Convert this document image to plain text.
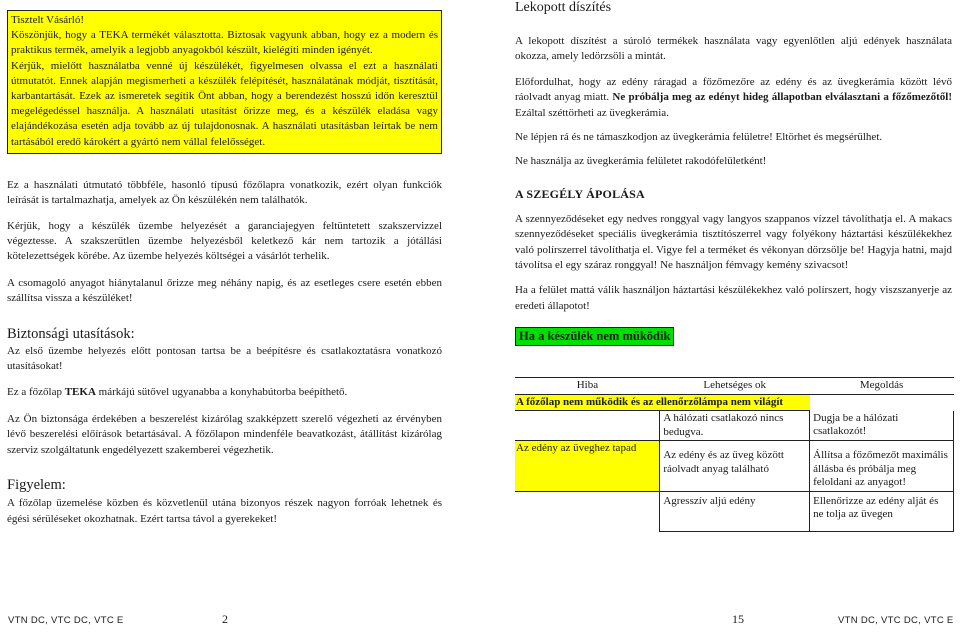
Tisztelt Vásárló!

Köszönjük, hogy a TEKA termékét választotta. Biztosak vagyunk abban, hogy ez a modern és praktikus termék, amelyik a legjobb anyagokból készült, kielégíti minden igényét.

Kérjük, mielőtt használatba venné új készülékét, figyelmesen olvassa el ezt a használati útmutatót. Ennek alapján megismerheti a készülék felépítését, használatának módját, tisztítását, karbantartását. Ezek az ismeretek segítik Önt abban, hogy a berendezést hosszú időn keresztül megelégedéssel használja. A használati utasítást őrizze meg, és a készülék eladása vagy elajándékozása esetén adja tovább az új tulajdonosnak. A használati utasításban leírtak be nem tartásából eredő károkért a gyártó nem vállal felelősséget.

Ez a használati útmutató többféle, hasonló típusú főzőlapra vonatkozik, ezért olyan funkciók leírását is tartalmazhatja, amelyek az Ön készülékén nem találhatók.

Kérjük, hogy a készülék üzembe helyezését a garanciajegyen feltüntetett szakszervizzel végeztesse. A szakszerűtlen üzembe helyezésből keletkező kár nem tartozik a jótállási kötelezettségek körébe. Az üzembe helyezés költségei a vásárlót terhelik.

A csomagoló anyagot hiánytalanul őrizze meg néhány napig, és az esetleges csere esetén ebben szállítsa vissza a készüléket!

Biztonsági utasítások:

Az első üzembe helyezés előtt pontosan tartsa be a beépítésre és csatlakoztatásra vonatkozó utasításokat!

Ez a főzőlap TEKA márkájú sütővel ugyanabba a konyhabútorba beépíthető.

Az Ön biztonsága érdekében a beszerelést kizárólag szakképzett szerelő végezheti az érvényben lévő beszerelési előírások betartásával. A főzőlapon mindenféle beavatkozást, átállítást kizárólag szerviz szolgáltatunk engedélyezett szakemberei végezhetik.

Figyelem:

A főzőlap üzemelése közben és közvetlenül utána bizonyos részek nagyon forróak lehetnek és égési sérüléseket okozhatnak. Ezért tartsa távol a gyerekeket!

Lekopott díszítés

A lekopott díszítést a súroló termékek használata vagy egyenlőtlen aljú edények használata okozza, amely ledörzsöli a mintát.

Előfordulhat, hogy az edény ráragad a főzőmezőre az edény és az üvegkerámia között lévő ráolvadt anyag miatt. Ne próbálja meg az edényt hideg állapotban elválasztani a főzőmezőtől! Ezáltal széttörheti az üvegkerámia.

Ne lépjen rá és ne támaszkodjon az üvegkerámia felületre! Eltörhet és megsérülhet.

Ne használja az üvegkerámia felületet rakodófelületként!

A SZEGÉLY ÁPOLÁSA

A szennyeződéseket egy nedves ronggyal vagy langyos szappanos vízzel távolíthatja el. A makacs szennyeződéseket speciális üvegkerámia tisztítószerrel vagy folyékony háztartási készülékekhez való polírszerrel távolíthatja el. Vigye fel a terméket és vékonyan dörzsölje be! Hagyja hatni, majd távolítsa el egy száraz ronggyal! Ne használjon fémvagy kemény szivacsot!

Ha a felület mattá válik használjon háztartási készülékekhez való polírszert, hogy viszszanyerje az eredeti állapotot!

Ha a készülék nem működik
Hiba	Lehetséges ok	Megoldás
A főzőlap nem működik és az ellenőrzőlámpa nem világít		
	A hálózati csatlakozó nincs bedugva.	Dugja be a hálózati csatlakozót!
Az edény az üveghez tapad	Az edény és az üveg között ráolvadt anyag található	Állítsa a főzőmezőt maximális állásba és próbálja meg feloldani az anyagot!
	Agresszív aljú edény	Ellenőrizze az edény alját és ne tolja az üvegen
VTN DC, VTC DC, VTC E	2	15	VTN DC, VTC DC, VTC E
